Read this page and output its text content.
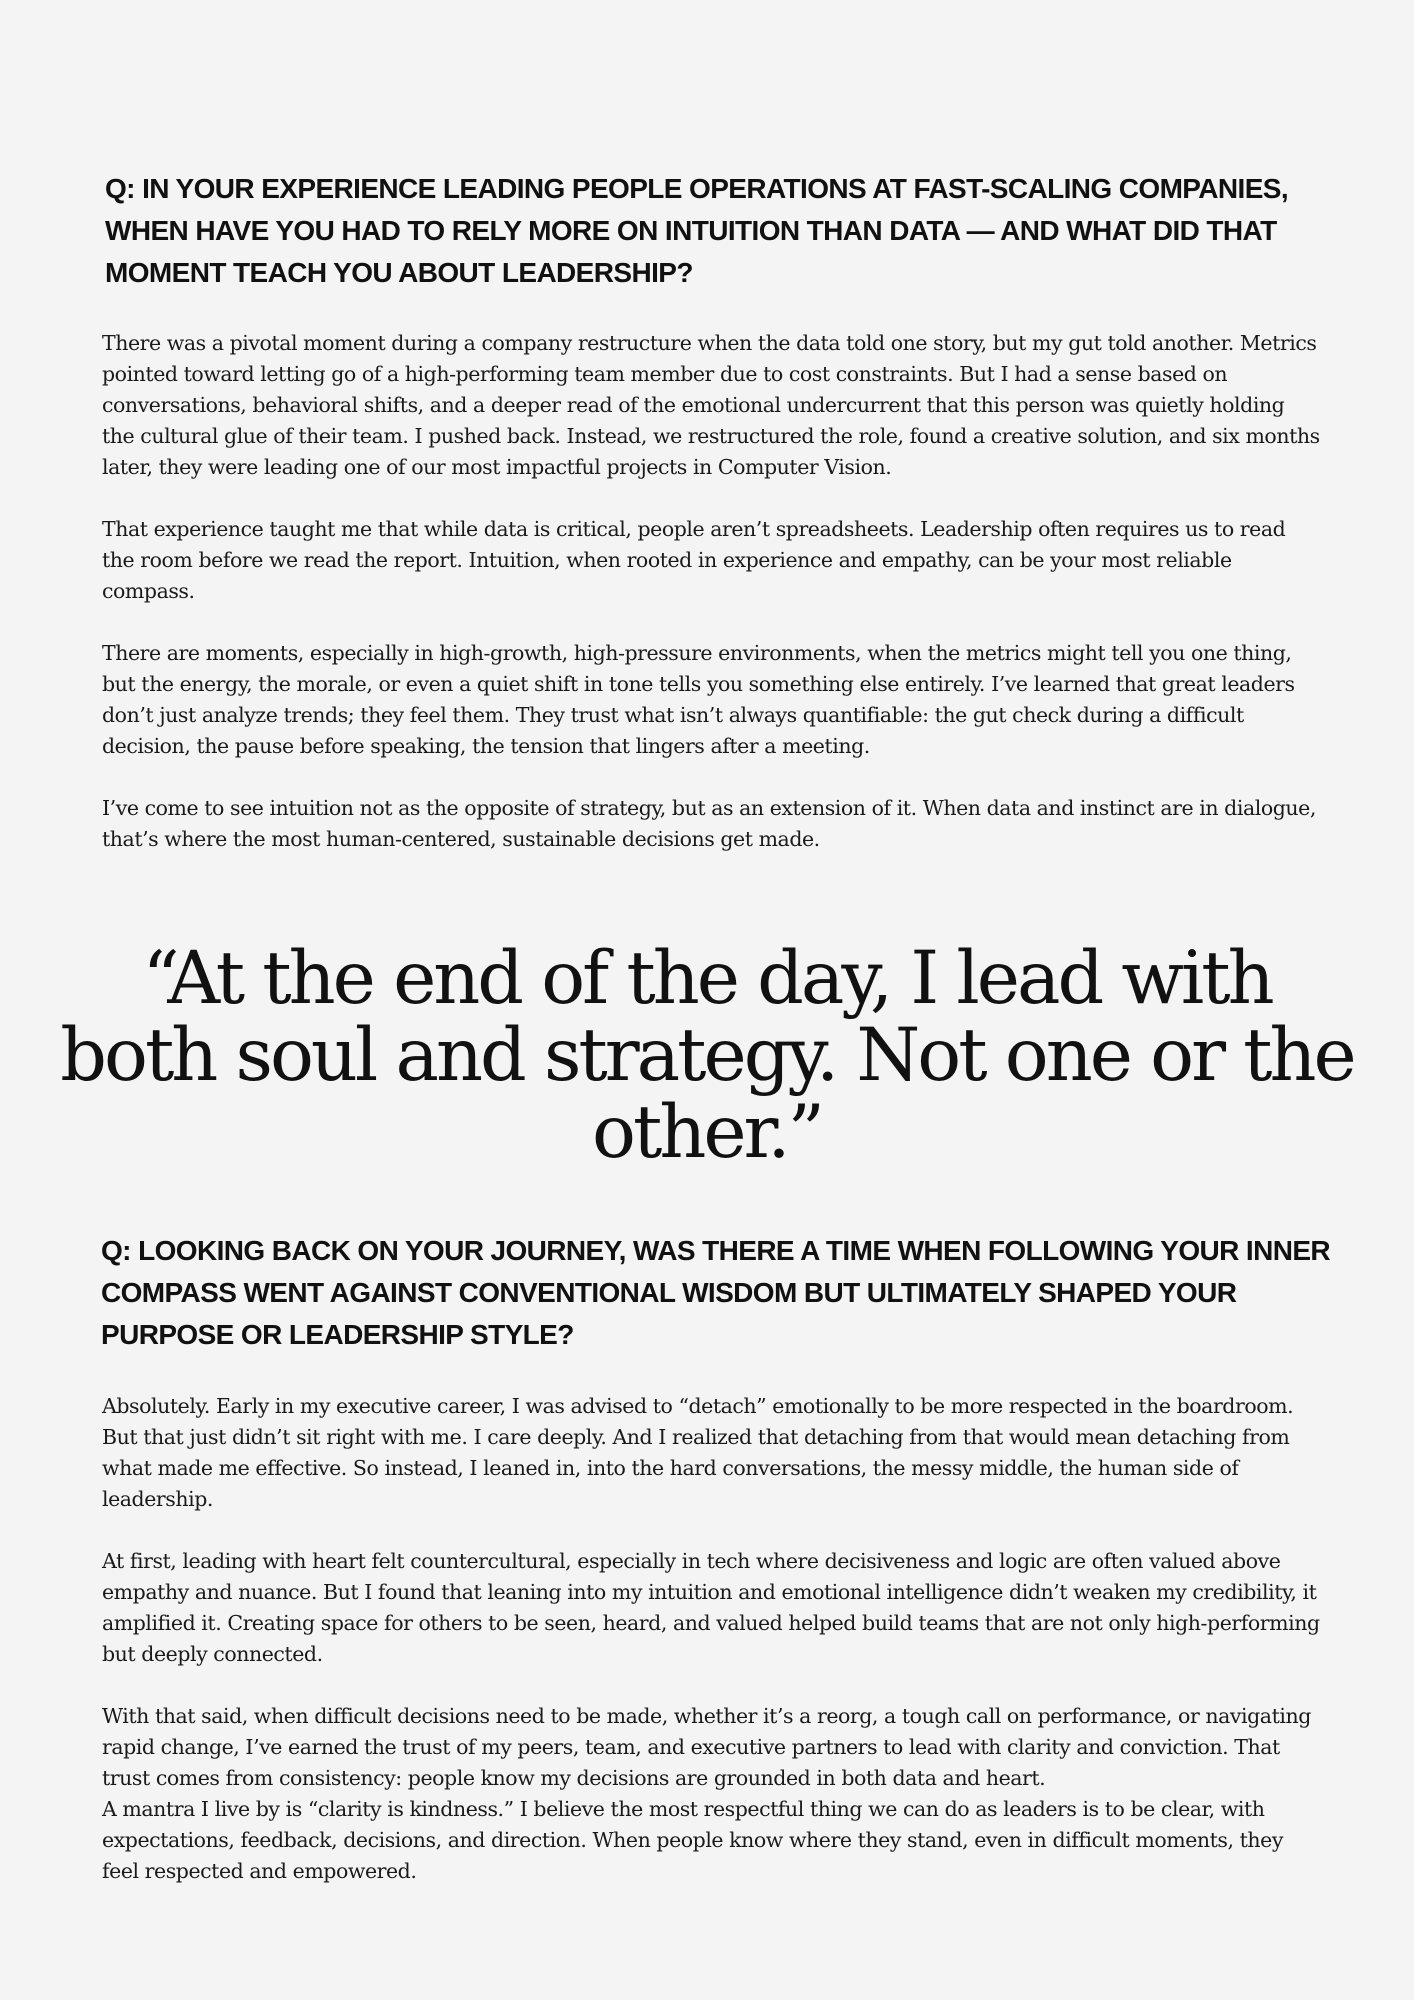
Q: IN YOUR EXPERIENCE LEADING PEOPLE OPERATIONS AT FAST-SCALING COMPANIES, WHEN HAVE YOU HAD TO RELY MORE ON INTUITION THAN DATA — AND WHAT DID THAT MOMENT TEACH YOU ABOUT LEADERSHIP?

There was a pivotal moment during a company restructure when the data told one story, but my gut told another. Metrics pointed toward letting go of a high-performing team member due to cost constraints. But I had a sense based on conversations, behavioral shifts, and a deeper read of the emotional undercurrent that this person was quietly holding the cultural glue of their team. I pushed back. Instead, we restructured the role, found a creative solution, and six months later, they were leading one of our most impactful projects in Computer Vision.

That experience taught me that while data is critical, people aren’t spreadsheets. Leadership often requires us to read the room before we read the report. Intuition, when rooted in experience and empathy, can be your most reliable compass.

There are moments, especially in high-growth, high-pressure environments, when the metrics might tell you one thing, but the energy, the morale, or even a quiet shift in tone tells you something else entirely. I’ve learned that great leaders don’t just analyze trends; they feel them. They trust what isn’t always quantifiable: the gut check during a difficult decision, the pause before speaking, the tension that lingers after a meeting.

I’ve come to see intuition not as the opposite of strategy, but as an extension of it. When data and instinct are in dialogue, that’s where the most human-centered, sustainable decisions get made.

“At the end of the day, I lead with both soul and strategy. Not one or the other.”
Q: LOOKING BACK ON YOUR JOURNEY, WAS THERE A TIME WHEN FOLLOWING YOUR INNER COMPASS WENT AGAINST CONVENTIONAL WISDOM BUT ULTIMATELY SHAPED YOUR PURPOSE OR LEADERSHIP STYLE?

Absolutely. Early in my executive career, I was advised to “detach” emotionally to be more respected in the boardroom. But that just didn’t sit right with me. I care deeply. And I realized that detaching from that would mean detaching from what made me effective. So instead, I leaned in, into the hard conversations, the messy middle, the human side of leadership.

At first, leading with heart felt countercultural, especially in tech where decisiveness and logic are often valued above empathy and nuance. But I found that leaning into my intuition and emotional intelligence didn’t weaken my credibility, it amplified it. Creating space for others to be seen, heard, and valued helped build teams that are not only high-performing but deeply connected.

With that said, when difficult decisions need to be made, whether it’s a reorg, a tough call on performance, or navigating rapid change, I’ve earned the trust of my peers, team, and executive partners to lead with clarity and conviction. That trust comes from consistency: people know my decisions are grounded in both data and heart.

A mantra I live by is “clarity is kindness.” I believe the most respectful thing we can do as leaders is to be clear, with expectations, feedback, decisions, and direction. When people know where they stand, even in difficult moments, they feel respected and empowered.
